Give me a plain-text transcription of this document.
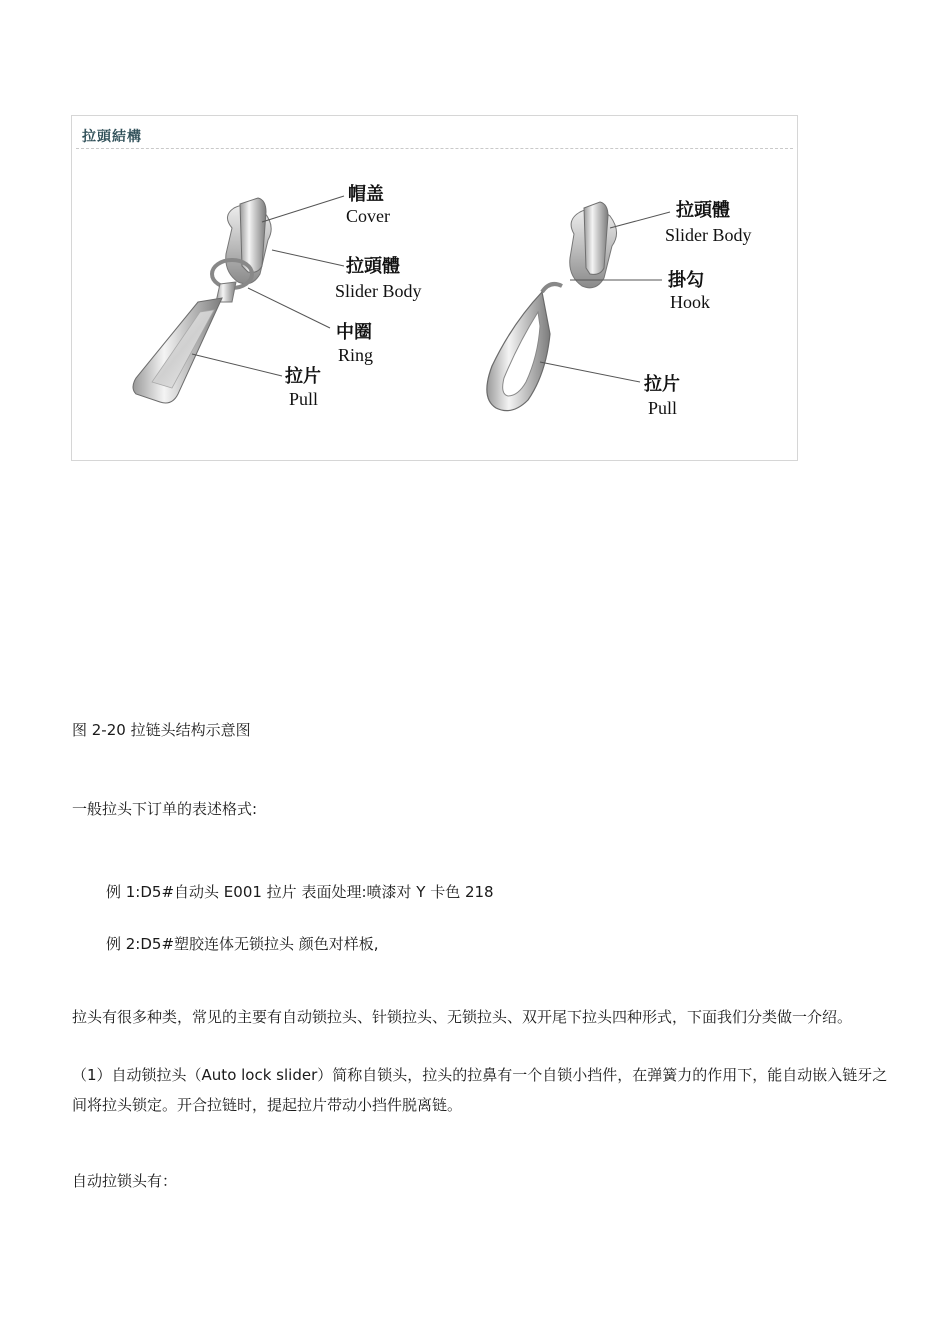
拉頭結構
帽盖
Cover
拉頭體
Slider Body
中圈
Ring
拉片
Pull
拉頭體
Slider Body
掛勾
Hook
拉片
Pull
图 2-20 拉链头结构示意图
一般拉头下订单的表述格式:
例 1:D5#自动头 E001 拉片 表面处理:喷漆对 Y 卡色 218
例 2:D5#塑胶连体无锁拉头 颜色对样板,
拉头有很多种类，常见的主要有自动锁拉头、针锁拉头、无锁拉头、双开尾下拉头四种形式，下面我们分类做一介绍。
（1）自动锁拉头（Auto lock slider）简称自锁头，拉头的拉鼻有一个自锁小挡件，在弹簧力的作用下，能自动嵌入链牙之间将拉头锁定。开合拉链时，提起拉片带动小挡件脱离链。
自动拉锁头有：
